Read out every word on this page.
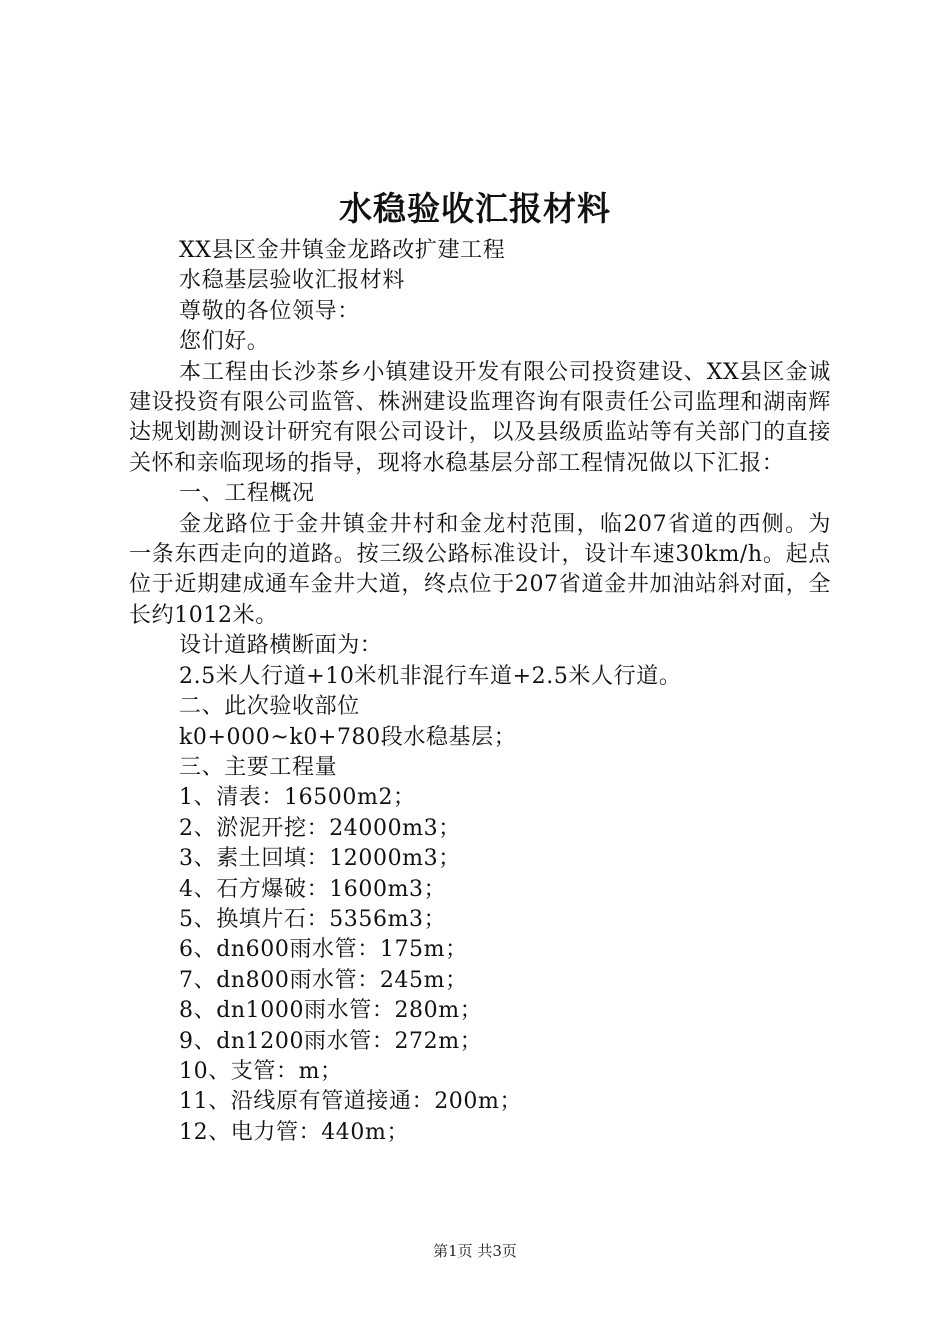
水稳验收汇报材料

XX县区金井镇金龙路改扩建工程

水稳基层验收汇报材料

尊敬的各位领导：

您们好。

本工程由长沙茶乡小镇建设开发有限公司投资建设、XX县区金诚建设投资有限公司监管、株洲建设监理咨询有限责任公司监理和湖南辉达规划勘测设计研究有限公司设计，以及县级质监站等有关部门的直接关怀和亲临现场的指导，现将水稳基层分部工程情况做以下汇报：

一、工程概况

金龙路位于金井镇金井村和金龙村范围，临207省道的西侧。为一条东西走向的道路。按三级公路标准设计，设计车速30km/h。起点位于近期建成通车金井大道，终点位于207省道金井加油站斜对面，全长约1012米。

设计道路横断面为：

2.5米人行道+10米机非混行车道+2.5米人行道。

二、此次验收部位

k0+000~k0+780段水稳基层；

三、主要工程量

1、清表：16500m2；

2、淤泥开挖：24000m3；

3、素土回填：12000m3；

4、石方爆破：1600m3；

5、换填片石：5356m3；

6、dn600雨水管：175m；

7、dn800雨水管：245m；

8、dn1000雨水管：280m；

9、dn1200雨水管：272m；

10、支管：m；

11、沿线原有管道接通：200m；

12、电力管：440m；

第1页 共3页
